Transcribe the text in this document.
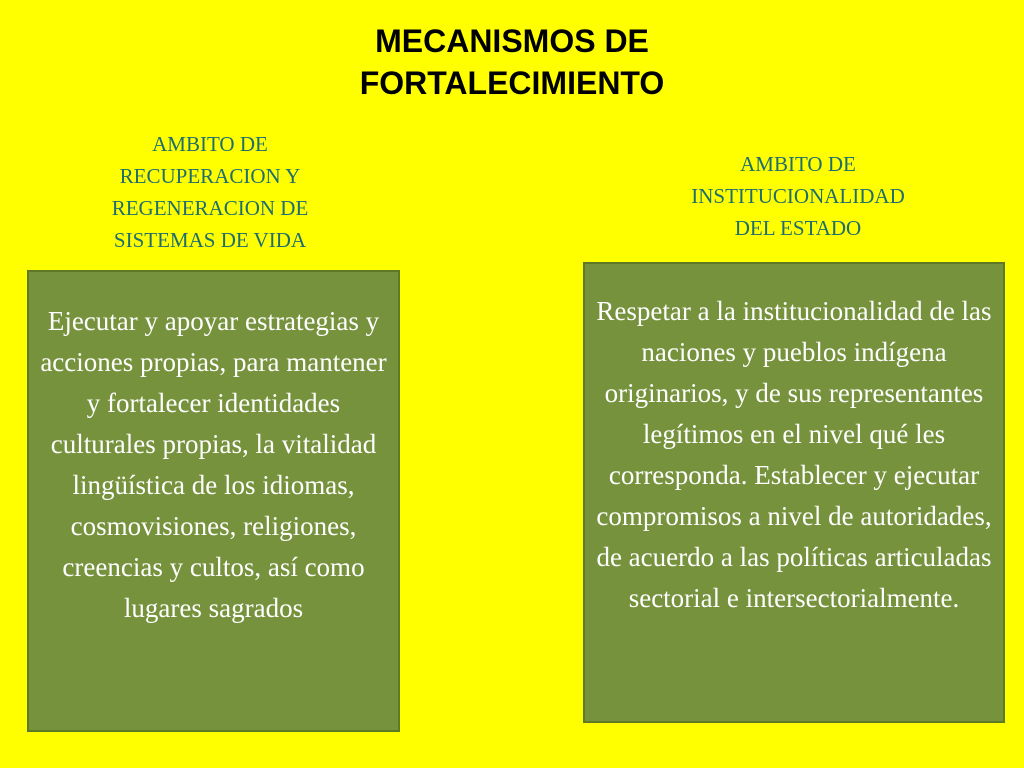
MECANISMOS DE
FORTALECIMIENTO

AMBITO DE
RECUPERACION Y
REGENERACION DE
SISTEMAS DE VIDA

AMBITO DE
INSTITUCIONALIDAD
DEL ESTADO

Ejecutar y apoyar estrategias y acciones propias, para mantener y fortalecer identidades culturales propias, la vitalidad lingüística de los idiomas, cosmovisiones, religiones, creencias y cultos, así como lugares sagrados
Respetar a la institucionalidad de las naciones y pueblos indígena originarios, y de sus representantes legítimos en el nivel qué les corresponda. Establecer y ejecutar compromisos a nivel de autoridades, de acuerdo a las políticas articuladas sectorial e intersectorialmente.
